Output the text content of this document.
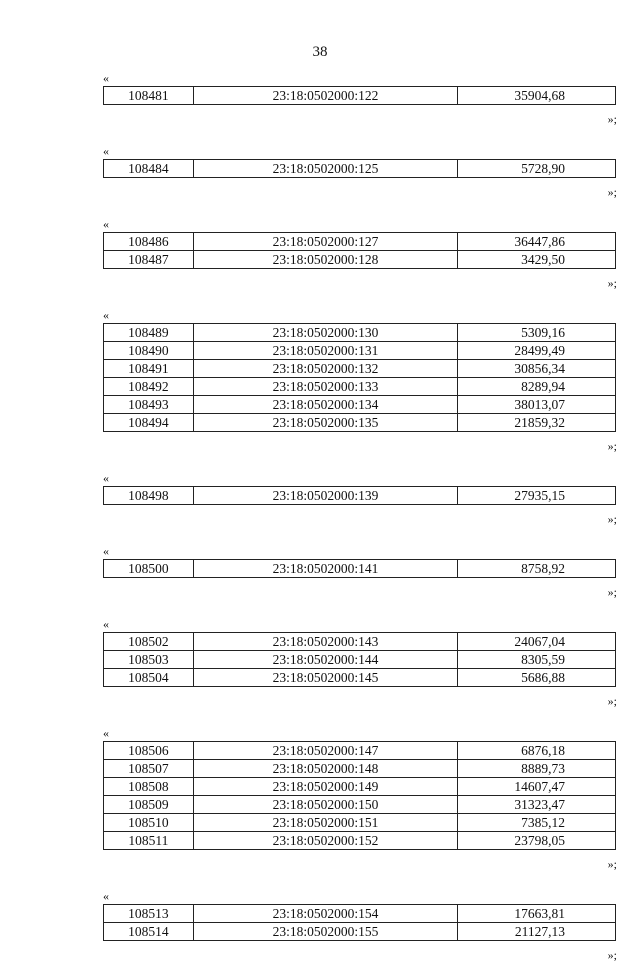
38
«
108481	23:18:0502000:122	35904,68
»;
«
108484	23:18:0502000:125	5728,90
»;
«
108486	23:18:0502000:127	36447,86
108487	23:18:0502000:128	3429,50
»;
«
108489	23:18:0502000:130	5309,16
108490	23:18:0502000:131	28499,49
108491	23:18:0502000:132	30856,34
108492	23:18:0502000:133	8289,94
108493	23:18:0502000:134	38013,07
108494	23:18:0502000:135	21859,32
»;
«
108498	23:18:0502000:139	27935,15
»;
«
108500	23:18:0502000:141	8758,92
»;
«
108502	23:18:0502000:143	24067,04
108503	23:18:0502000:144	8305,59
108504	23:18:0502000:145	5686,88
»;
«
108506	23:18:0502000:147	6876,18
108507	23:18:0502000:148	8889,73
108508	23:18:0502000:149	14607,47
108509	23:18:0502000:150	31323,47
108510	23:18:0502000:151	7385,12
108511	23:18:0502000:152	23798,05
»;
«
108513	23:18:0502000:154	17663,81
108514	23:18:0502000:155	21127,13
»;
